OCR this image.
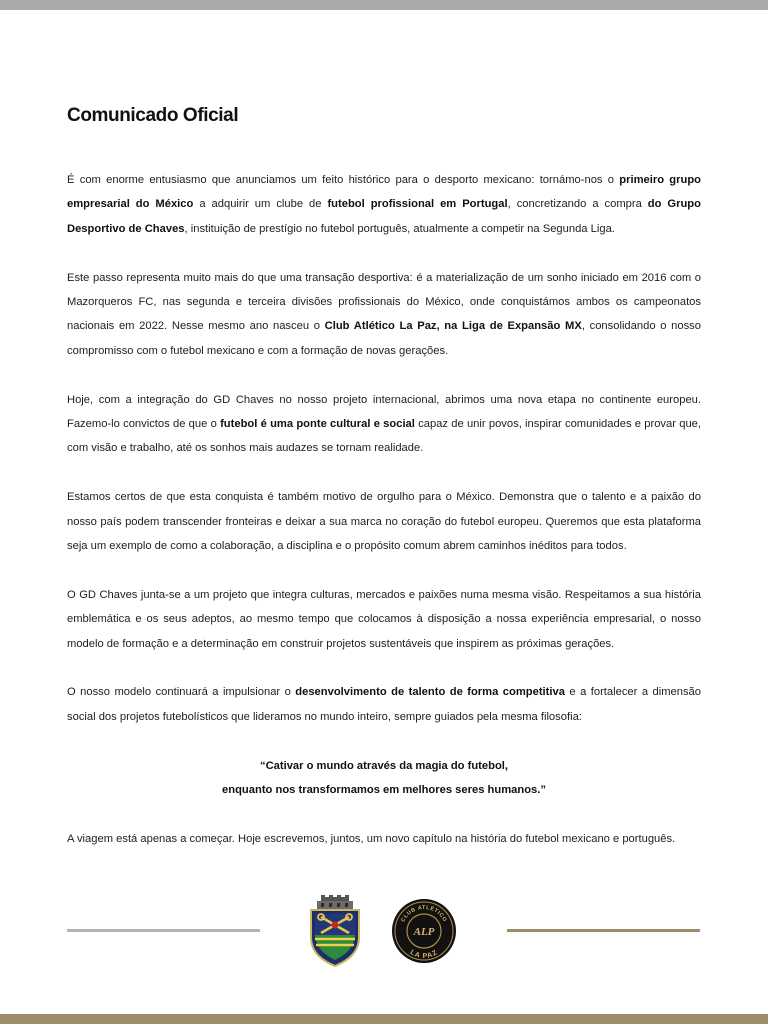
Comunicado Oficial

É com enorme entusiasmo que anunciamos um feito histórico para o desporto mexicano: tornámo-nos o primeiro grupo empresarial do México a adquirir um clube de futebol profissional em Portugal, concretizando a compra do Grupo Desportivo de Chaves, instituição de prestígio no futebol português, atualmente a competir na Segunda Liga.

Este passo representa muito mais do que uma transação desportiva: é a materialização de um sonho iniciado em 2016 com o Mazorqueros FC, nas segunda e terceira divisões profissionais do México, onde conquistámos ambos os campeonatos nacionais em 2022. Nesse mesmo ano nasceu o Club Atlético La Paz, na Liga de Expansão MX, consolidando o nosso compromisso com o futebol mexicano e com a formação de novas gerações.

Hoje, com a integração do GD Chaves no nosso projeto internacional, abrimos uma nova etapa no continente europeu. Fazemo-lo convictos de que o futebol é uma ponte cultural e social capaz de unir povos, inspirar comunidades e provar que, com visão e trabalho, até os sonhos mais audazes se tornam realidade.

Estamos certos de que esta conquista é também motivo de orgulho para o México. Demonstra que o talento e a paixão do nosso país podem transcender fronteiras e deixar a sua marca no coração do futebol europeu. Queremos que esta plataforma seja um exemplo de como a colaboração, a disciplina e o propósito comum abrem caminhos inéditos para todos.

O GD Chaves junta-se a um projeto que integra culturas, mercados e paixões numa mesma visão. Respeitamos a sua história emblemática e os seus adeptos, ao mesmo tempo que colocamos à disposição a nossa experiência empresarial, o nosso modelo de formação e a determinação em construir projetos sustentáveis que inspirem as próximas gerações.

O nosso modelo continuará a impulsionar o desenvolvimento de talento de forma competitiva e a fortalecer a dimensão social dos projetos futebolísticos que lideramos no mundo inteiro, sempre guiados pela mesma filosofia:

“Cativar o mundo através da magia do futebol,
enquanto nos transformamos em melhores seres humanos.”

A viagem está apenas a começar. Hoje escrevemos, juntos, um novo capítulo na história do futebol mexicano e português.

CLUB ATLÉTICO
LA PAZ
ALP
